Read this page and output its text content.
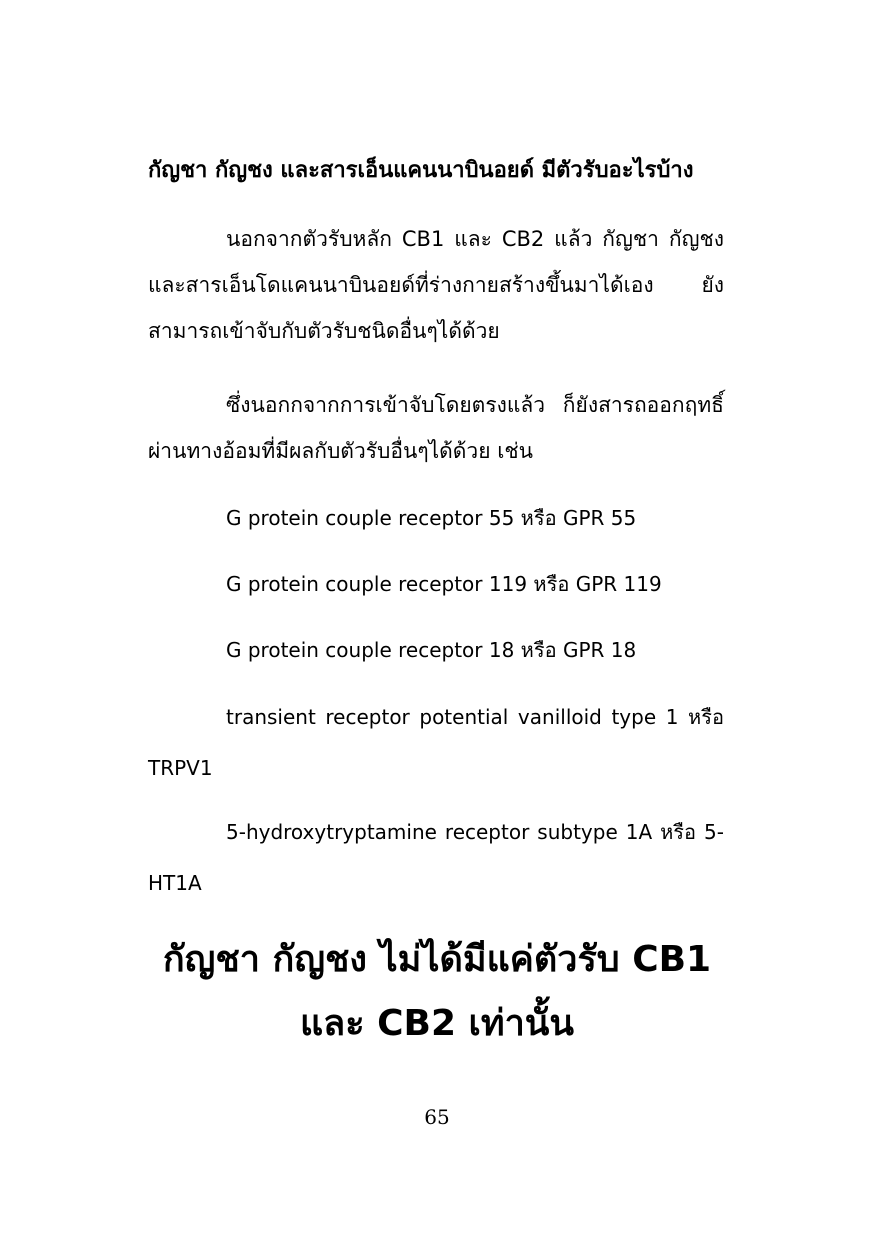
กัญชา กัญชง และสารเอ็นแคนนาบินอยด์ มีตัวรับอะไรบ้าง
นอกจากตัวรับหลัก CB1 และ CB2 แล้ว กัญชา กัญชง และสารเอ็นโดแคนนาบินอยด์ที่ร่างกายสร้างขึ้นมาได้เอง ยังสามารถเข้าจับกับตัวรับชนิดอื่นๆได้ด้วย
ซึ่งนอกกจากการเข้าจับโดยตรงแล้ว ก็ยังสารถออกฤทธิ์ผ่านทางอ้อมที่มีผลกับตัวรับอื่นๆได้ด้วย เช่น
G protein couple receptor 55 หรือ GPR 55
G protein couple receptor 119 หรือ GPR 119
G protein couple receptor 18 หรือ GPR 18
transient receptor potential vanilloid type 1 หรือ TRPV1
5-hydroxytryptamine receptor subtype 1A หรือ 5-HT1A
กัญชา กัญชง ไม่ได้มีแค่ตัวรับ CB1
และ CB2 เท่านั้น
65
